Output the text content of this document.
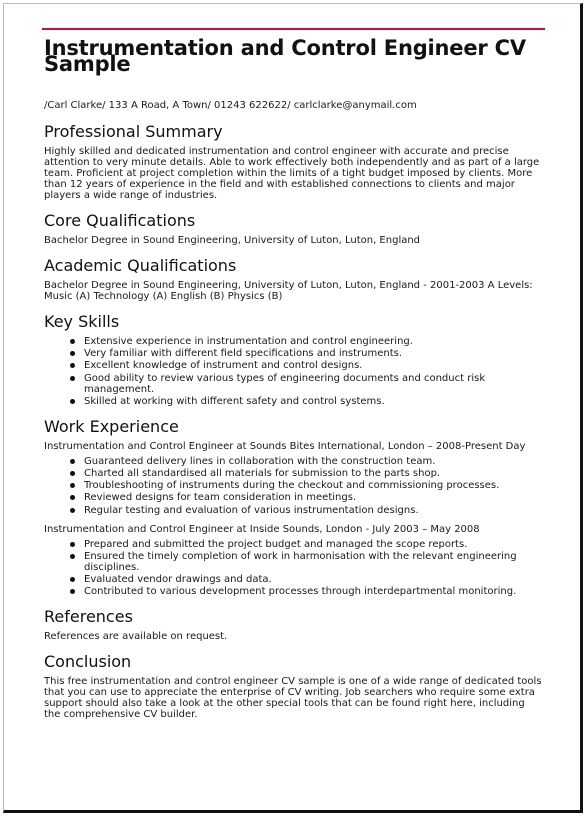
Instrumentation and Control Engineer CV Sample
/Carl Clarke/ 133 A Road, A Town/ 01243 622622/ carlclarke@anymail.com
Professional Summary

Highly skilled and dedicated instrumentation and control engineer with accurate and precise attention to very minute details. Able to work effectively both independently and as part of a large team. Proficient at project completion within the limits of a tight budget imposed by clients. More than 12 years of experience in the field and with established connections to clients and major players a wide range of industries.

Core Qualifications

Bachelor Degree in Sound Engineering, University of Luton, Luton, England

Academic Qualifications

Bachelor Degree in Sound Engineering, University of Luton, Luton, England - 2001-2003 A Levels: Music (A) Technology (A) English (B) Physics (B)

Key Skills
Extensive experience in instrumentation and control engineering.
Very familiar with different field specifications and instruments.
Excellent knowledge of instrument and control designs.
Good ability to review various types of engineering documents and conduct risk management.
Skilled at working with different safety and control systems.
Work Experience

Instrumentation and Control Engineer at Sounds Bites International, London – 2008-Present Day

Guaranteed delivery lines in collaboration with the construction team.
Charted all standardised all materials for submission to the parts shop.
Troubleshooting of instruments during the checkout and commissioning processes.
Reviewed designs for team consideration in meetings.
Regular testing and evaluation of various instrumentation designs.

Instrumentation and Control Engineer at Inside Sounds, London - July 2003 – May 2008

Prepared and submitted the project budget and managed the scope reports.
Ensured the timely completion of work in harmonisation with the relevant engineering disciplines.
Evaluated vendor drawings and data.
Contributed to various development processes through interdepartmental monitoring.
References

References are available on request.

Conclusion

This free instrumentation and control engineer CV sample is one of a wide range of dedicated tools that you can use to appreciate the enterprise of CV writing. Job searchers who require some extra support should also take a look at the other special tools that can be found right here, including the comprehensive CV builder.
